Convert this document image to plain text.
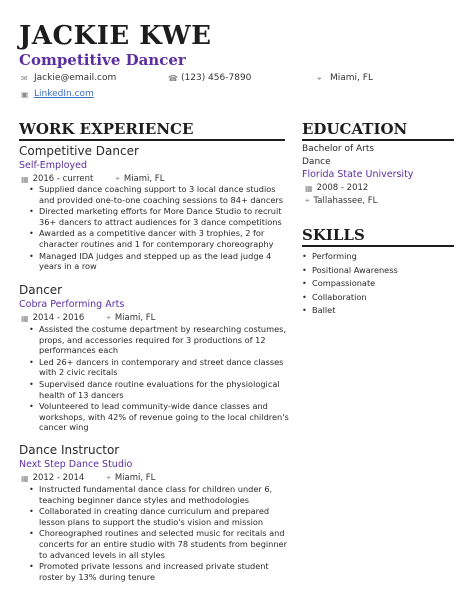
JACKIE KWE
Competitive Dancer
✉ Jackie@email.com	☎ (123) 456-7890	⌖ Miami, FL
▣ LinkedIn.com
WORK EXPERIENCE
Competitive Dancer
Self-Employed
▦ 2016 - current	⌖ Miami, FL
• Supplied dance coaching support to 3 local dance studios and provided one-to-one coaching sessions to 84+ dancers
• Directed marketing efforts for More Dance Studio to recruit 36+ dancers to attract audiences for 3 dance competitions
• Awarded as a competitive dancer with 3 trophies, 2 for character routines and 1 for contemporary choreography
• Managed IDA judges and stepped up as the lead judge 4 years in a row
Dancer
Cobra Performing Arts
▦ 2014 - 2016	⌖ Miami, FL
• Assisted the costume department by researching costumes, props, and accessories required for 3 productions of 12 performances each
• Led 26+ dancers in contemporary and street dance classes with 2 civic recitals
• Supervised dance routine evaluations for the physiological health of 13 dancers
• Volunteered to lead community-wide dance classes and workshops, with 42% of revenue going to the local children's cancer wing
Dance Instructor
Next Step Dance Studio
▦ 2012 - 2014	⌖ Miami, FL
• Instructed fundamental dance class for children under 6, teaching beginner dance styles and methodologies
• Collaborated in creating dance curriculum and prepared lesson plans to support the studio's vision and mission
• Choreographed routines and selected music for recitals and concerts for an entire studio with 78 students from beginner to advanced levels in all styles
• Promoted private lessons and increased private student roster by 13% during tenure
EDUCATION
Bachelor of Arts
Dance
Florida State University
▦ 2008 - 2012
⌖ Tallahassee, FL
SKILLS
• Performing
• Positional Awareness
• Compassionate
• Collaboration
• Ballet
